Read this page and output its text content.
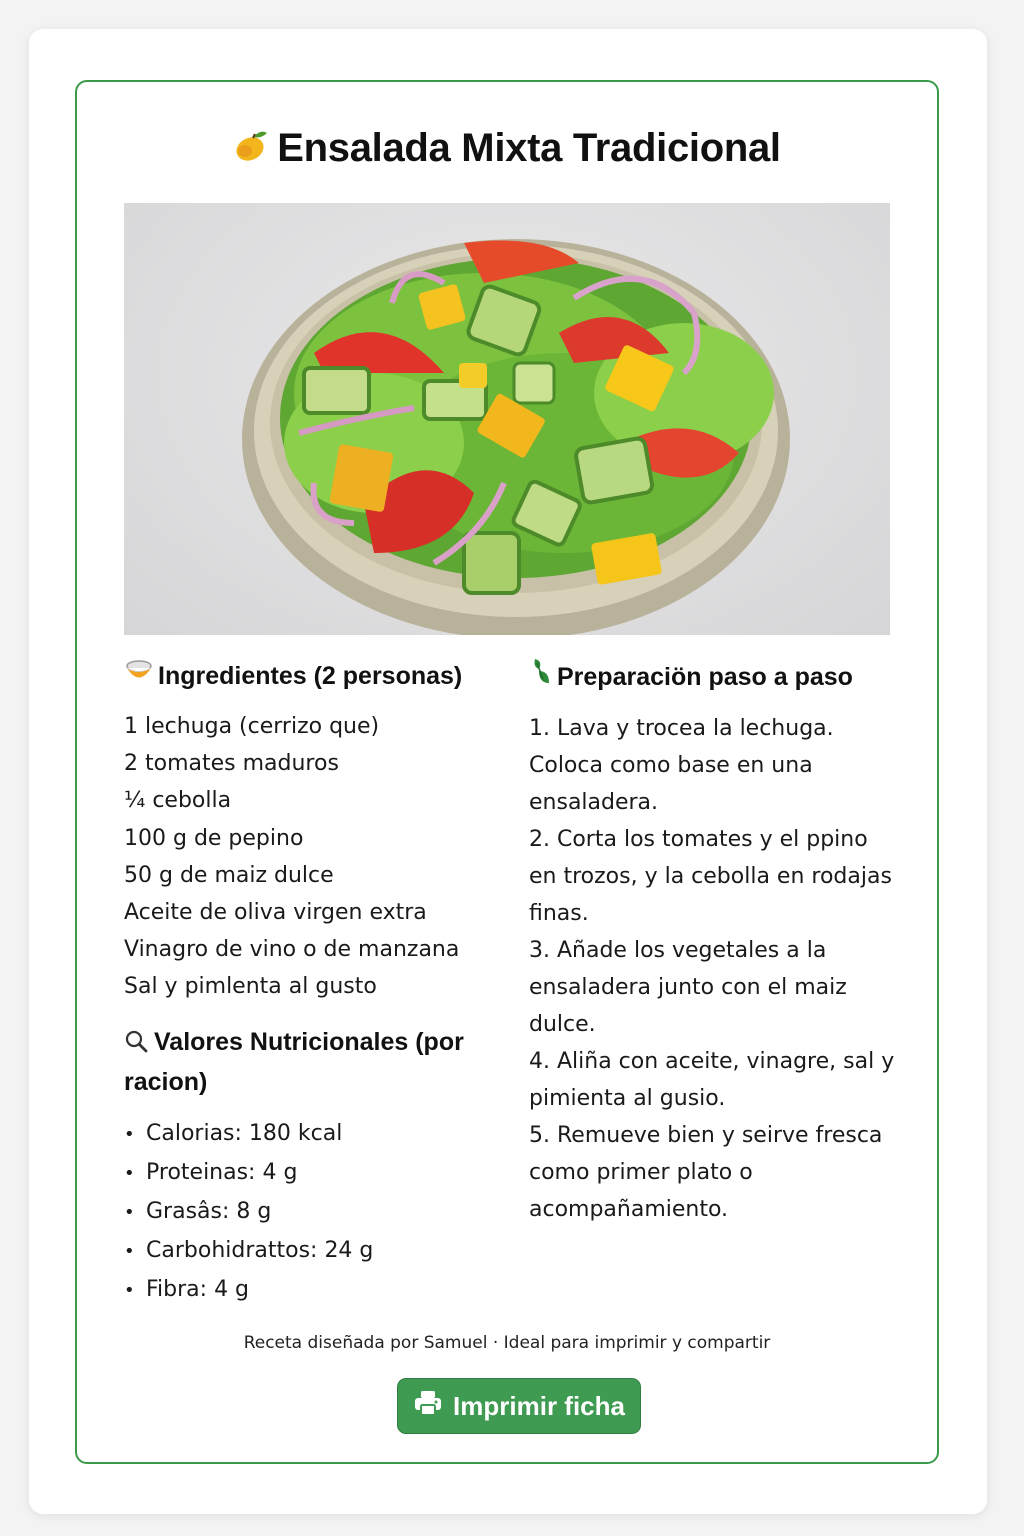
Ensalada Mixta Tradicional
Ingredientes (2 personas)
1 lechuga (cerrizo que)
2 tomates maduros
¼ cebolla
100 g de pepino
50 g de maiz dulce
Aceite de oliva virgen extra
Vinagro de vino o de manzana
Sal y pimlenta al gusto
Valores Nutricionales (por racion)
• Calorias: 180 kcal
• Proteinas: 4 g
• Grasâs: 8 g
• Carbohidrattos: 24 g
• Fibra: 4 g
Preparaciön paso a paso
1. Lava y trocea la lechuga. Coloca como base en una ensaladera.
2. Corta los tomates y el ppino en trozos, y la cebolla en rodajas finas.
3. Añade los vegetales a la ensaladera junto con el maiz dulce.
4. Aliña con aceite, vinagre, sal y pimienta al gusio.
5. Remueve bien y seirve fresca como primer plato o acompañamiento.

Receta diseñada por Samuel · Ideal para imprimir y compartir

Imprimir ficha
